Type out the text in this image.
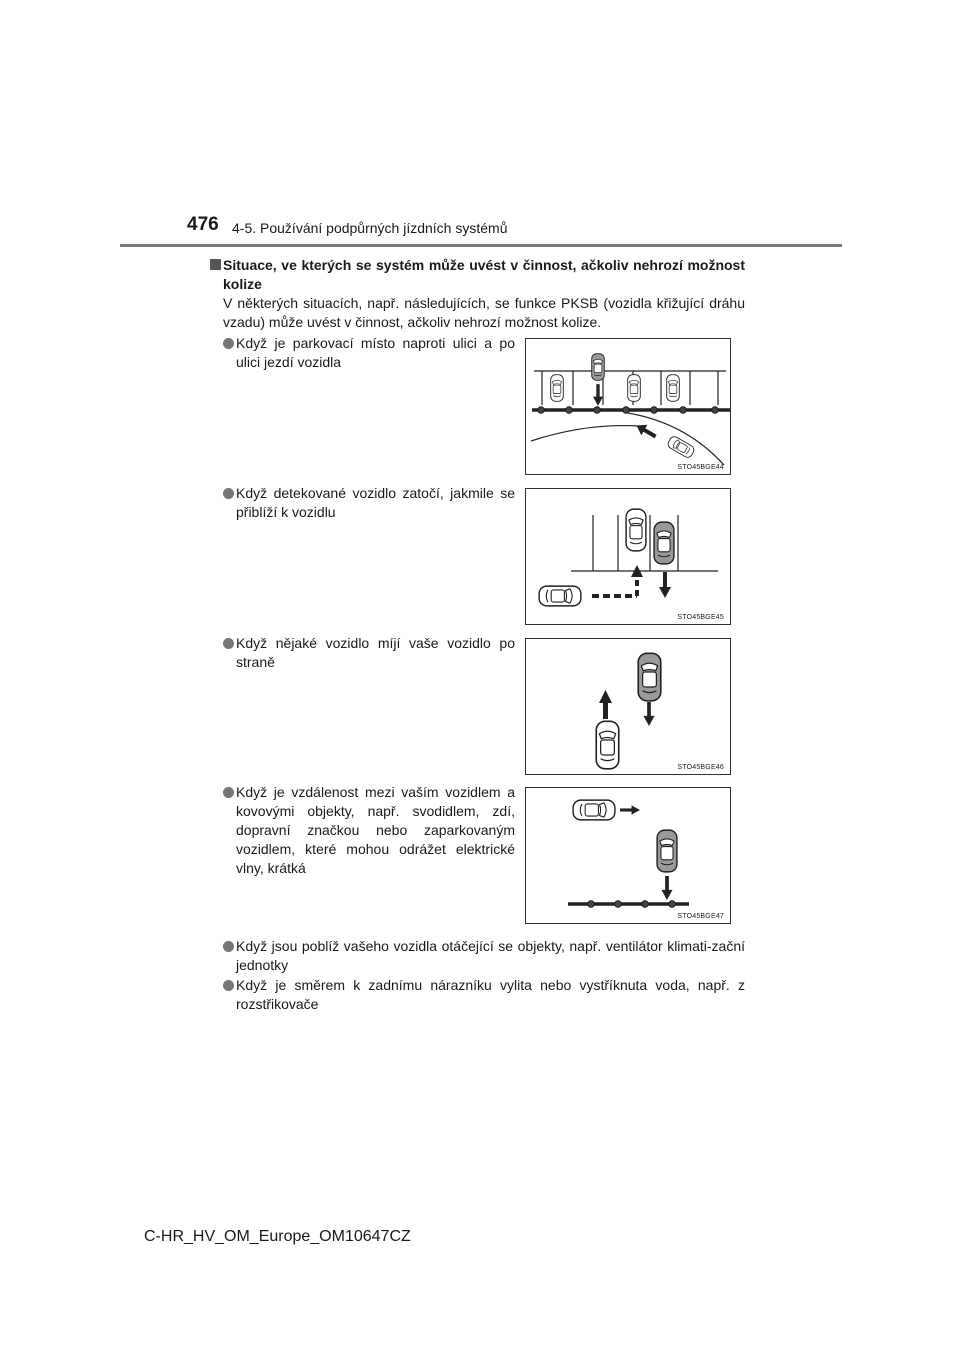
476 4-5. Používání podpůrných jízdních systémů
Situace, ve kterých se systém může uvést v činnost, ačkoliv nehrozí možnost kolize
V některých situacích, např. následujících, se funkce PKSB (vozidla křižující dráhu vzadu) může uvést v činnost, ačkoliv nehrozí možnost kolize.
Když je parkovací místo naproti ulici a po ulici jezdí vozidla
STO45BGE44
Když detekované vozidlo zatočí, jakmile se přiblíží k vozidlu
STO45BGE45
Když nějaké vozidlo míjí vaše vozidlo po straně
STO45BGE46
Když je vzdálenost mezi vaším vozidlem a kovovými objekty, např. svodidlem, zdí, dopravní značkou nebo zaparkovaným vozidlem, které mohou odrážet elektrické vlny, krátká
STO45BGE47
Když jsou poblíž vašeho vozidla otáčející se objekty, např. ventilátor klimati-zační jednotky
Když je směrem k zadnímu nárazníku vylita nebo vystříknuta voda, např. z rozstřikovače
C-HR_HV_OM_Europe_OM10647CZ
